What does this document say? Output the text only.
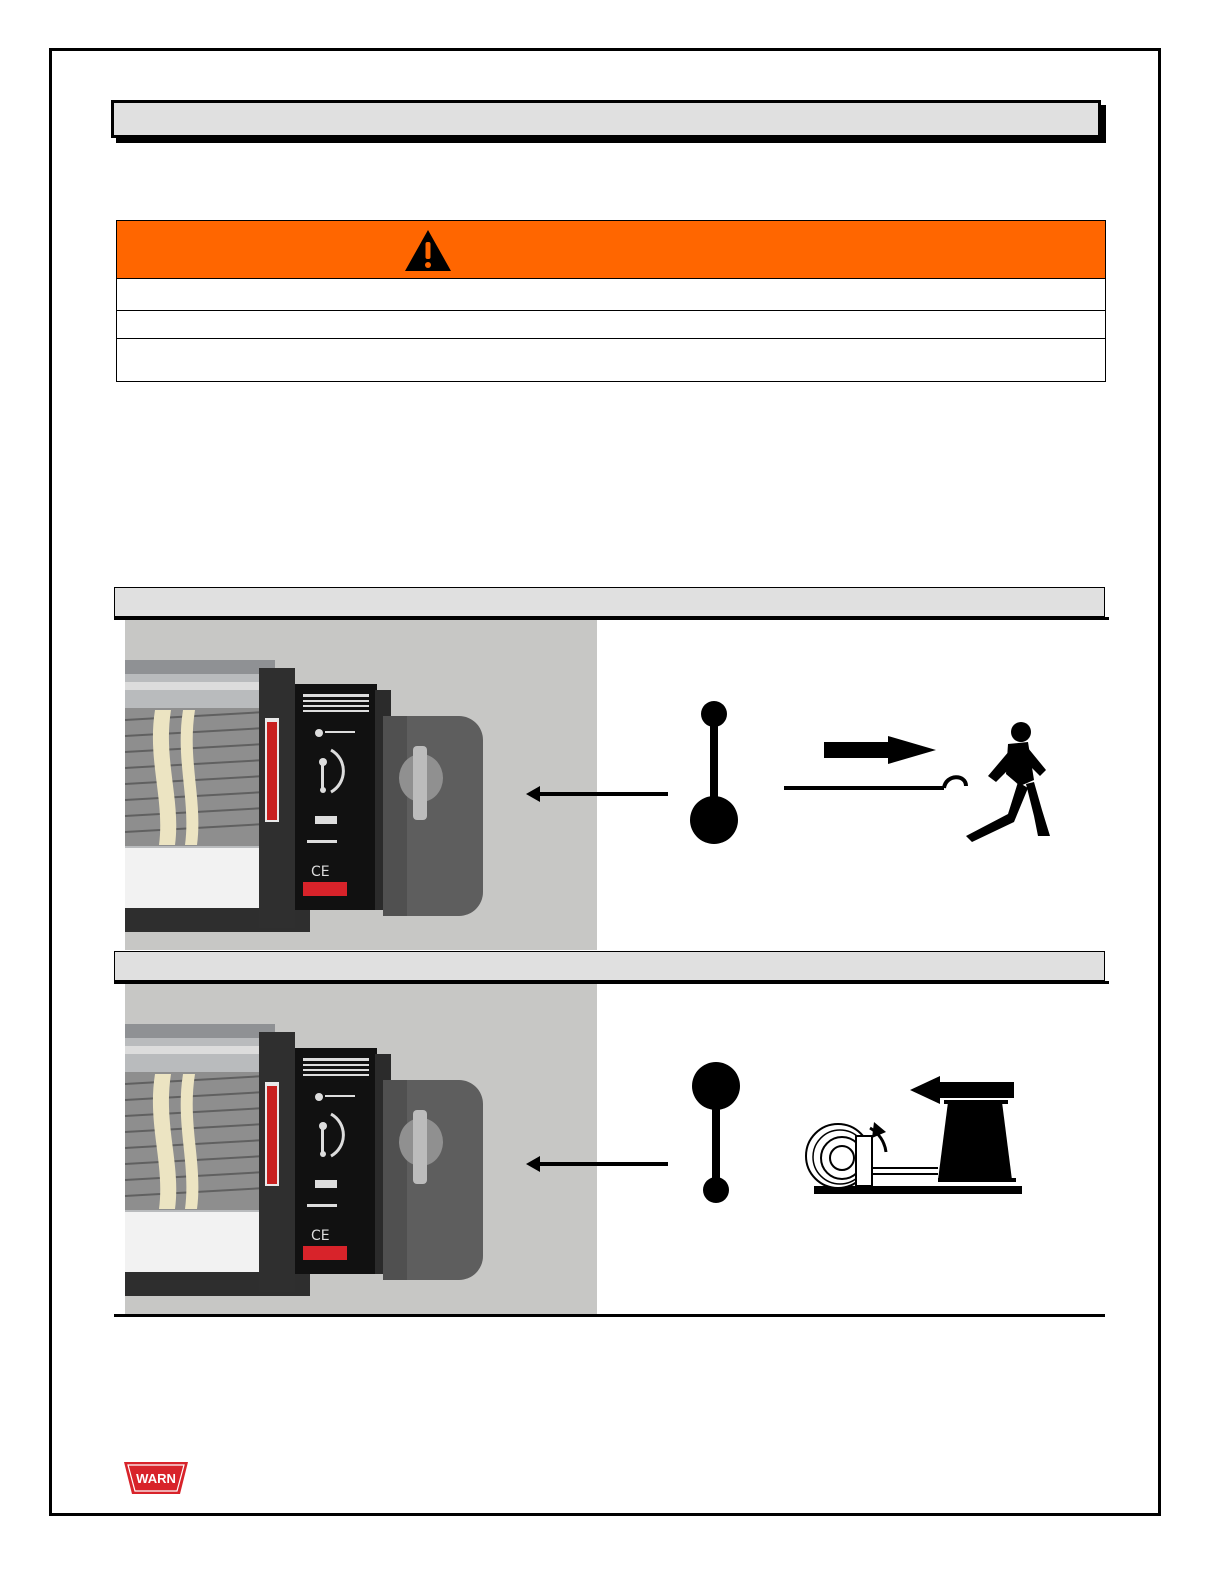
CE
CE
WARN
